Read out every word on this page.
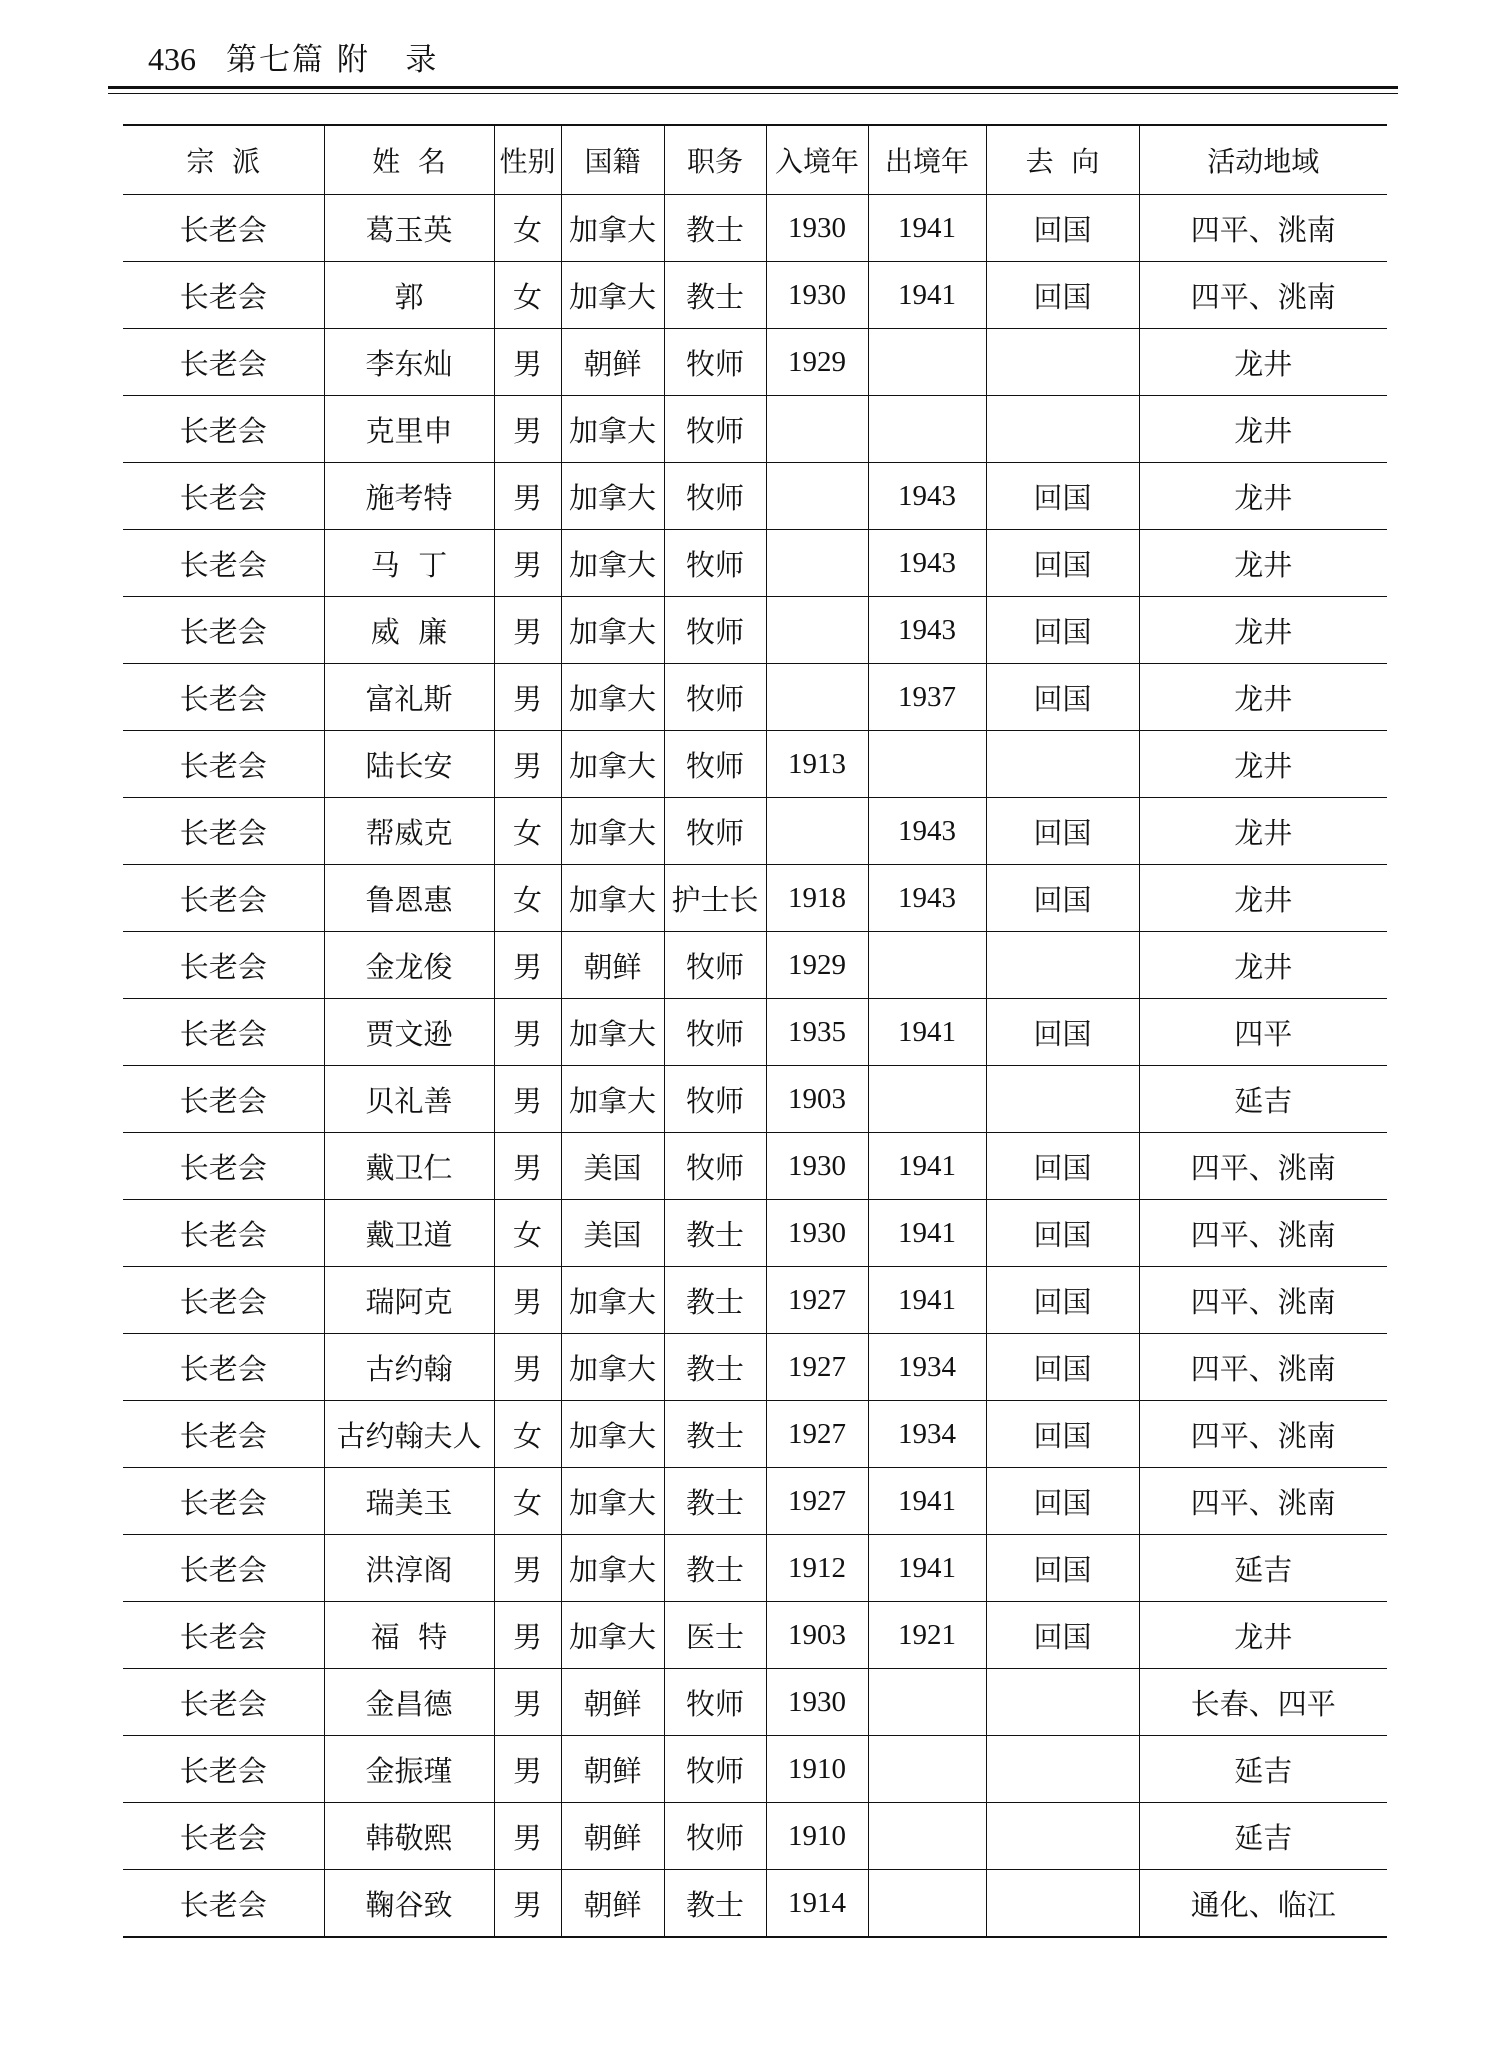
436 第七篇 附   录
宗  派	姓  名	性别	国籍	职务	入境年	出境年	去  向	活动地域
长老会	葛玉英	女	加拿大	教士	1930	1941	回国	四平、洮南
长老会	郭	女	加拿大	教士	1930	1941	回国	四平、洮南
长老会	李东灿	男	朝鲜	牧师	1929			龙井
长老会	克里申	男	加拿大	牧师				龙井
长老会	施考特	男	加拿大	牧师		1943	回国	龙井
长老会	马  丁	男	加拿大	牧师		1943	回国	龙井
长老会	威  廉	男	加拿大	牧师		1943	回国	龙井
长老会	富礼斯	男	加拿大	牧师		1937	回国	龙井
长老会	陆长安	男	加拿大	牧师	1913			龙井
长老会	帮威克	女	加拿大	牧师		1943	回国	龙井
长老会	鲁恩惠	女	加拿大	护士长	1918	1943	回国	龙井
长老会	金龙俊	男	朝鲜	牧师	1929			龙井
长老会	贾文逊	男	加拿大	牧师	1935	1941	回国	四平
长老会	贝礼善	男	加拿大	牧师	1903			延吉
长老会	戴卫仁	男	美国	牧师	1930	1941	回国	四平、洮南
长老会	戴卫道	女	美国	教士	1930	1941	回国	四平、洮南
长老会	瑞阿克	男	加拿大	教士	1927	1941	回国	四平、洮南
长老会	古约翰	男	加拿大	教士	1927	1934	回国	四平、洮南
长老会	古约翰夫人	女	加拿大	教士	1927	1934	回国	四平、洮南
长老会	瑞美玉	女	加拿大	教士	1927	1941	回国	四平、洮南
长老会	洪淳阁	男	加拿大	教士	1912	1941	回国	延吉
长老会	福  特	男	加拿大	医士	1903	1921	回国	龙井
长老会	金昌德	男	朝鲜	牧师	1930			长春、四平
长老会	金振瑾	男	朝鲜	牧师	1910			延吉
长老会	韩敬熙	男	朝鲜	牧师	1910			延吉
长老会	鞠谷致	男	朝鲜	教士	1914			通化、临江
